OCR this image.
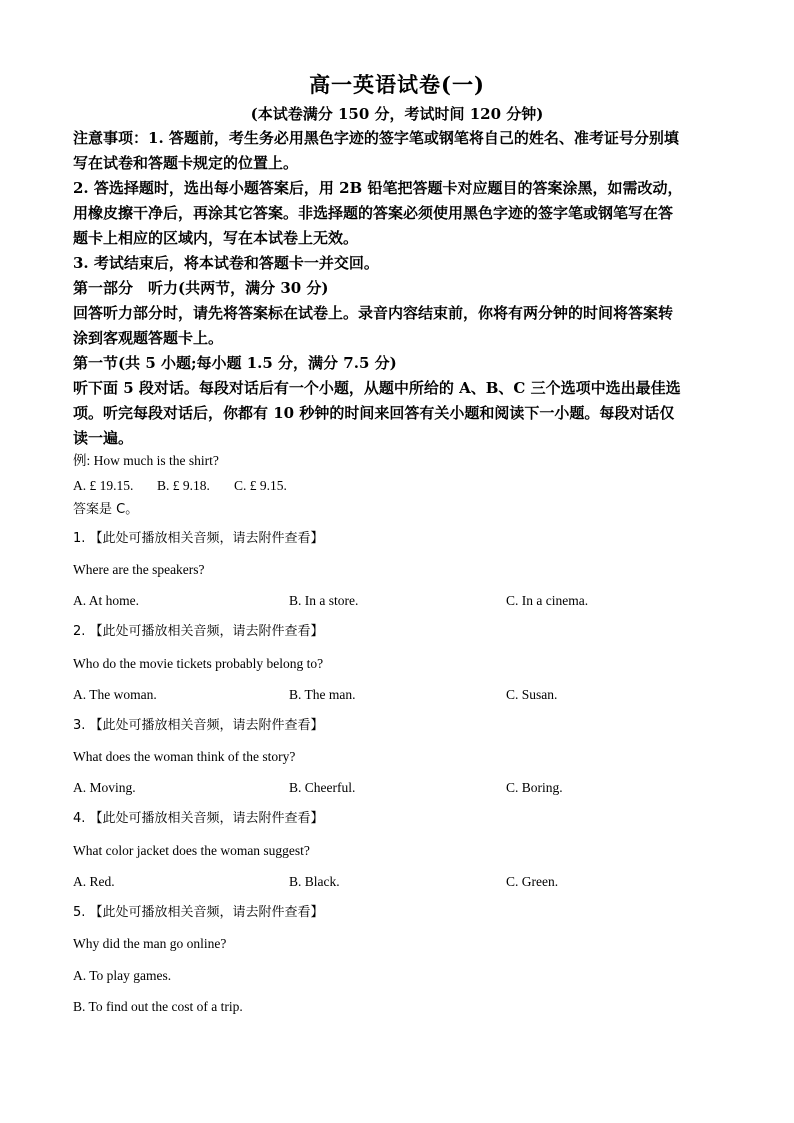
高一英语试卷(一)
(本试卷满分 150 分，考试时间 120 分钟)
注意事项：1. 答题前，考生务必用黑色字迹的签字笔或钢笔将自己的姓名、准考证号分别填
写在试卷和答题卡规定的位置上。
2. 答选择题时，选出每小题答案后，用 2B 铅笔把答题卡对应题目的答案涂黑，如需改动，
用橡皮擦干净后，再涂其它答案。非选择题的答案必须使用黑色字迹的签字笔或钢笔写在答
题卡上相应的区域内，写在本试卷上无效。
3. 考试结束后，将本试卷和答题卡一并交回。
第一部分　听力(共两节，满分 30 分)
回答听力部分时，请先将答案标在试卷上。录音内容结束前，你将有两分钟的时间将答案转
涂到客观题答题卡上。
第一节(共 5 小题;每小题 1.5 分，满分 7.5 分)
听下面 5 段对话。每段对话后有一个小题，从题中所给的 A、B、C 三个选项中选出最佳选
项。听完每段对话后，你都有 10 秒钟的时间来回答有关小题和阅读下一小题。每段对话仅
读一遍。
例: How much is the shirt?
A. £ 19.15. B. £ 9.18. C. £ 9.15.
答案是 C。
1. 【此处可播放相关音频，请去附件查看】
Where are the speakers?
A. At home.	B. In a store.	C. In a cinema.
2. 【此处可播放相关音频，请去附件查看】
Who do the movie tickets probably belong to?
A. The woman.	B. The man.	C. Susan.
3. 【此处可播放相关音频，请去附件查看】
What does the woman think of the story?
A. Moving.	B. Cheerful.	C. Boring.
4. 【此处可播放相关音频，请去附件查看】
What color jacket does the woman suggest?
A. Red.	B. Black.	C. Green.
5. 【此处可播放相关音频，请去附件查看】
Why did the man go online?
A. To play games.
B. To find out the cost of a trip.
